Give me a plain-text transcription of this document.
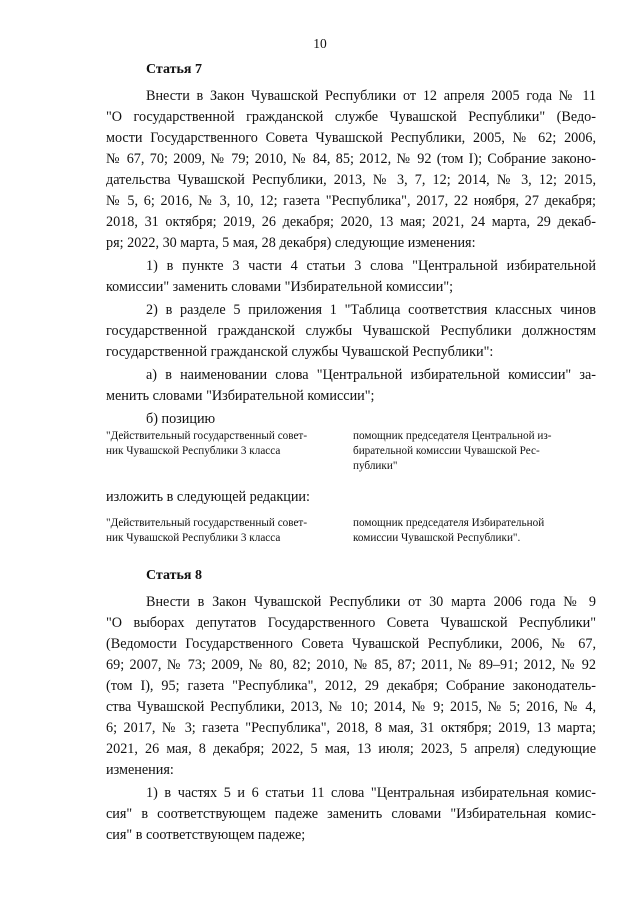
10
Статья 7
Внести в Закон Чувашской Республики от 12 апреля 2005 года № 11
"О государственной гражданской службе Чувашской Республики" (Ведо-
мости Государственного Совета Чувашской Республики, 2005, № 62; 2006,
№ 67, 70; 2009, № 79; 2010, № 84, 85; 2012, № 92 (том I); Собрание законо-
дательства Чувашской Республики, 2013, № 3, 7, 12; 2014, № 3, 12; 2015,
№ 5, 6; 2016, № 3, 10, 12; газета "Республика", 2017, 22 ноября, 27 декабря;
2018, 31 октября; 2019, 26 декабря; 2020, 13 мая; 2021, 24 марта, 29 декаб-
ря; 2022, 30 марта, 5 мая, 28 декабря) следующие изменения:
1) в пункте 3 части 4 статьи 3 слова "Центральной избирательной
комиссии" заменить словами "Избирательной комиссии";
2) в разделе 5 приложения 1 "Таблица соответствия классных чинов
государственной гражданской службы Чувашской Республики должностям
государственной гражданской службы Чувашской Республики":
а) в наименовании слова "Центральной избирательной комиссии" за-
менить словами "Избирательной комиссии";
б) позицию
"Действительный государственный совет-
ник Чувашской Республики 3 класса
помощник председателя Центральной из-
бирательной комиссии Чувашской Рес-
публики"
изложить в следующей редакции:
"Действительный государственный совет-
ник Чувашской Республики 3 класса
помощник председателя Избирательной
комиссии Чувашской Республики".
Статья 8
Внести в Закон Чувашской Республики от 30 марта 2006 года № 9
"О выборах депутатов Государственного Совета Чувашской Республики"
(Ведомости Государственного Совета Чувашской Республики, 2006, № 67,
69; 2007, № 73; 2009, № 80, 82; 2010, № 85, 87; 2011, № 89–91; 2012, № 92
(том I), 95; газета "Республика", 2012, 29 декабря; Собрание законодатель-
ства Чувашской Республики, 2013, № 10; 2014, № 9; 2015, № 5; 2016, № 4,
6; 2017, № 3; газета "Республика", 2018, 8 мая, 31 октября; 2019, 13 марта;
2021, 26 мая, 8 декабря; 2022, 5 мая, 13 июля; 2023, 5 апреля) следующие
изменения:
1) в частях 5 и 6 статьи 11 слова "Центральная избирательная комис-
сия" в соответствующем падеже заменить словами "Избирательная комис-
сия" в соответствующем падеже;
